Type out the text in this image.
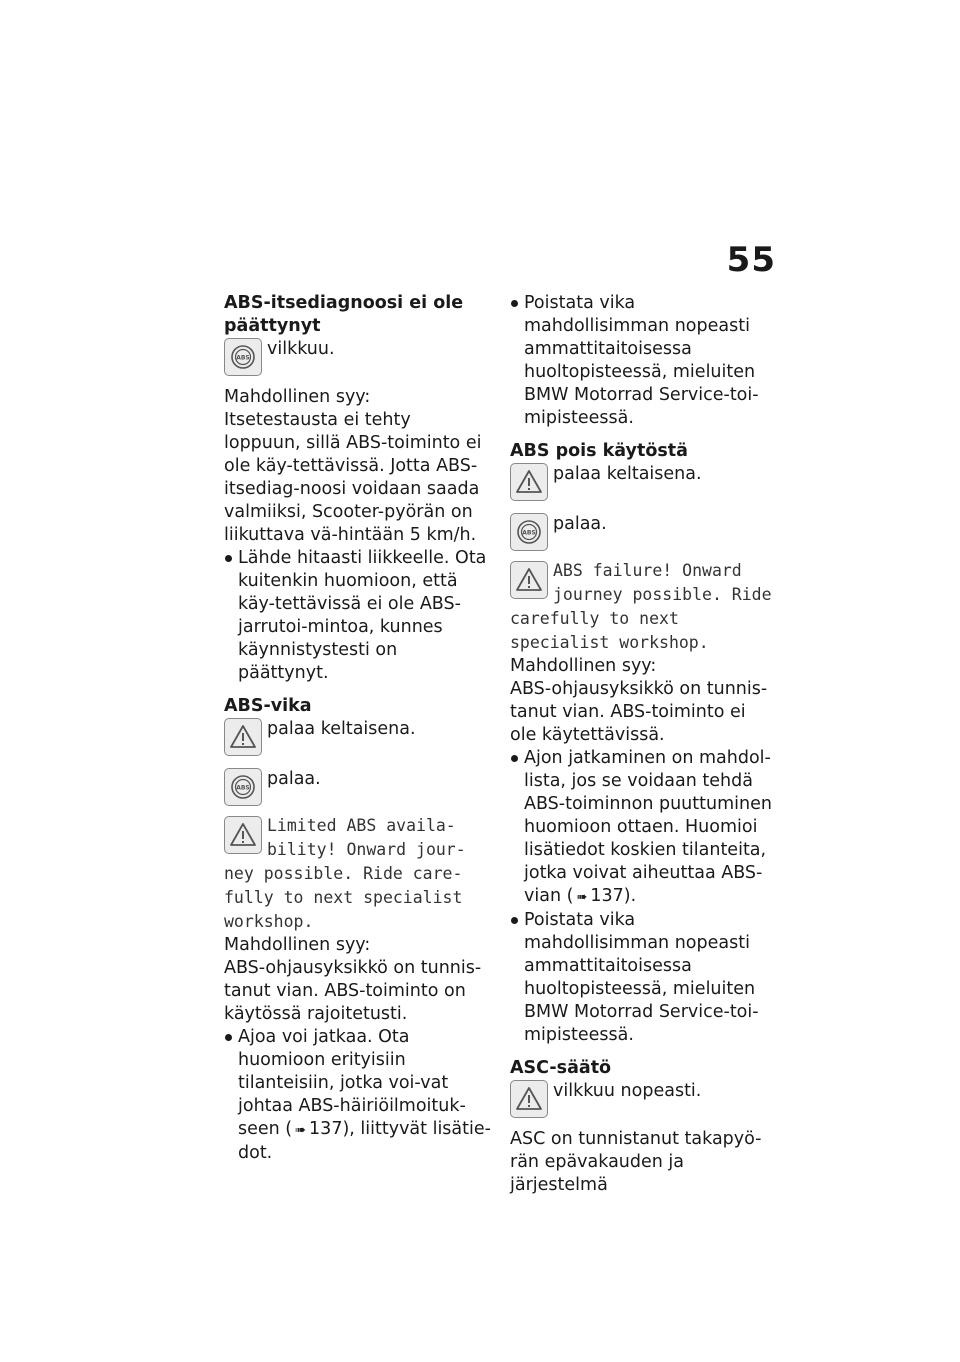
55
ABS-itsediagnoosi ei ole päättynyt
ABS vilkkuu.

Mahdollinen syy:

Itsetestausta ei tehty loppuun, sillä ABS-toiminto ei ole käy-tettävissä. Jotta ABS-itsediag-noosi voidaan saada valmiiksi, Scooter-pyörän on liikuttava vä-hintään 5 km/h.

Lähde hitaasti liikkeelle. Ota kuitenkin huomioon, että käy-tettävissä ei ole ABS-jarrutoi-mintoa, kunnes käynnistystesti on päättynyt.
ABS-vika
palaa keltaisena.
ABS palaa.
Limited ABS availa-bility! Onward jour-ney possible. Ride care-fully to next specialist workshop.

Mahdollinen syy:

ABS-ohjausyksikkö on tunnis-tanut vian. ABS-toiminto on käytössä rajoitetusti.

Ajoa voi jatkaa. Ota huomioon erityisiin tilanteisiin, jotka voi-vat johtaa ABS-häiriöilmoituk-seen ( ➠ 137), liittyvät lisätie-dot.
Poistata vika mahdollisimman nopeasti ammattitaitoisessa huoltopisteessä, mieluiten BMW Motorrad Service-toi-mipisteessä.
ABS pois käytöstä
palaa keltaisena.
ABS palaa.
ABS failure! Onward journey possible. Ride carefully to next specialist workshop.

Mahdollinen syy:

ABS-ohjausyksikkö on tunnis-tanut vian. ABS-toiminto ei ole käytettävissä.

Ajon jatkaminen on mahdol-lista, jos se voidaan tehdä ABS-toiminnon puuttuminen huomioon ottaen. Huomioi lisätiedot koskien tilanteita, jotka voivat aiheuttaa ABS-vian ( ➠ 137).
Poistata vika mahdollisimman nopeasti ammattitaitoisessa huoltopisteessä, mieluiten BMW Motorrad Service-toi-mipisteessä.
ASC-säätö
vilkkuu nopeasti.

ASC on tunnistanut takapyö-rän epävakauden ja järjestelmä
